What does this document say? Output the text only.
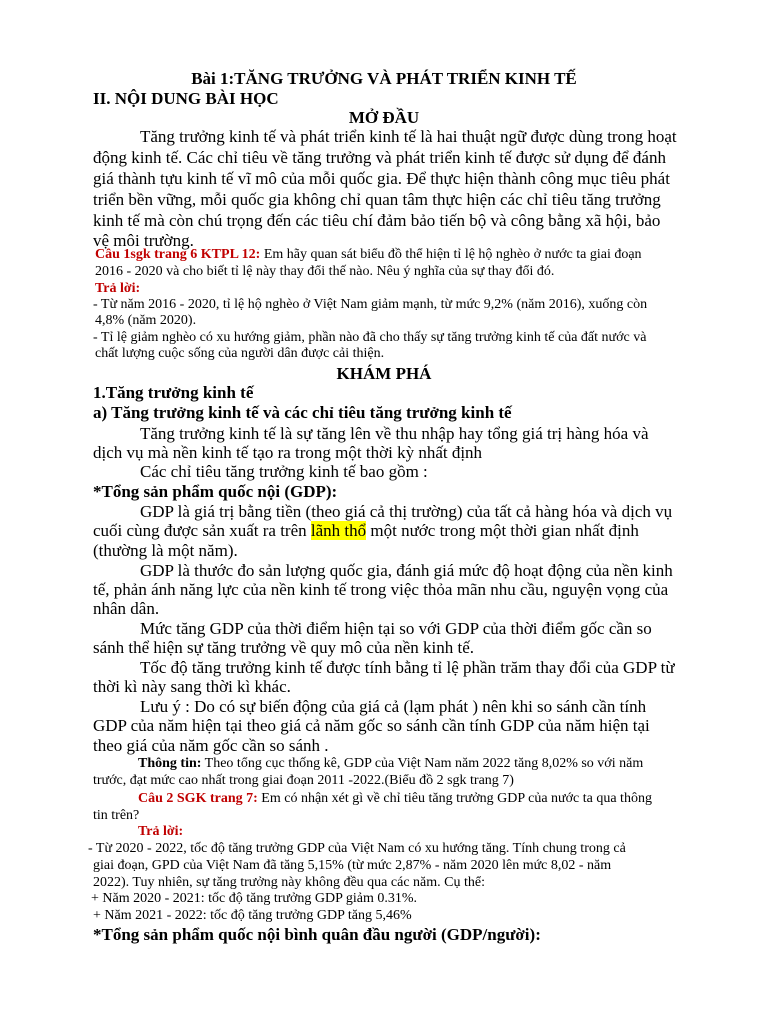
Bài 1:TĂNG TRƯỞNG VÀ PHÁT TRIỂN KINH TẾ
II. NỘI DUNG BÀI HỌC
MỞ ĐẦU
Tăng trưởng kinh tế và phát triển kinh tế là hai thuật ngữ được dùng trong hoạt
động kinh tế. Các chỉ tiêu về tăng trưởng và phát triển kinh tế được sử dụng để đánh
giá thành tựu kinh tế vĩ mô của mỗi quốc gia. Để thực hiện thành công mục tiêu phát
triển bền vững, mỗi quốc gia không chỉ quan tâm thực hiện các chỉ tiêu tăng trưởng
kinh tế mà còn chú trọng đến các tiêu chí đảm bảo tiến bộ và công bằng xã hội, bảo
vệ môi trường.
Câu 1sgk trang 6 KTPL 12: Em hãy quan sát biểu đồ thể hiện tỉ lệ hộ nghèo ở nước ta giai đoạn
2016 - 2020 và cho biết tỉ lệ này thay đổi thế nào. Nêu ý nghĩa của sự thay đổi đó.
Trả lời:
- Từ năm 2016 - 2020, tỉ lệ hộ nghèo ở Việt Nam giảm mạnh, từ mức 9,2% (năm 2016), xuống còn
4,8% (năm 2020).
- Tỉ lệ giảm nghèo có xu hướng giảm, phần nào đã cho thấy sự tăng trưởng kinh tế của đất nước và
chất lượng cuộc sống của người dân được cải thiện.
KHÁM PHÁ
1.Tăng trưởng kinh tế
a) Tăng trưởng kinh tế và các chỉ tiêu tăng trưởng kinh tế
Tăng trưởng kinh tế là sự tăng lên về thu nhập hay tổng giá trị hàng hóa và
dịch vụ mà nền kinh tế tạo ra trong một thời kỳ nhất định
Các chỉ tiêu tăng trưởng kinh tế bao gồm :
*Tổng sản phẩm quốc nội (GDP):
GDP là giá trị bằng tiền (theo giá cả thị trường) của tất cả hàng hóa và dịch vụ
cuối cùng được sản xuất ra trên lãnh thổ một nước trong một thời gian nhất định
(thường là một năm).
GDP là thước đo sản lượng quốc gia, đánh giá mức độ hoạt động của nền kinh
tế, phản ánh năng lực của nền kinh tế trong việc thỏa mãn nhu cầu, nguyện vọng của
nhân dân.
Mức tăng GDP của thời điểm hiện tại so với GDP của thời điểm gốc cần so
sánh thể hiện sự tăng trưởng về quy mô của nền kinh tế.
Tốc độ tăng trưởng kinh tế được tính bằng tỉ lệ phần trăm thay đổi của GDP từ
thời kì này sang thời kì khác.
Lưu ý : Do có sự biến động của giá cả (lạm phát ) nên khi so sánh cần tính
GDP của năm hiện tại theo giá cả năm gốc so sánh cần tính GDP của năm hiện tại
theo giá của năm gốc cần so sánh .
Thông tin: Theo tổng cục thống kê, GDP của Việt Nam năm 2022 tăng 8,02% so với năm
trước, đạt mức cao nhất trong giai đoạn 2011 -2022.(Biểu đồ 2 sgk trang 7)
Câu 2 SGK trang 7: Em có nhận xét gì về chỉ tiêu tăng trưởng GDP của nước ta qua thông
tin trên?
Trả lời:
- Từ 2020 - 2022, tốc độ tăng trưởng GDP của Việt Nam có xu hướng tăng. Tính chung trong cả
giai đoạn, GPD của Việt Nam đã tăng 5,15% (từ mức 2,87% - năm 2020 lên mức 8,02 - năm
2022). Tuy nhiên, sự tăng trưởng này không đều qua các năm. Cụ thể:
+ Năm 2020 - 2021: tốc độ tăng trưởng GDP giảm 0.31%.
+ Năm 2021 - 2022: tốc độ tăng trưởng GDP tăng 5,46%
*Tổng sản phẩm quốc nội bình quân đầu người (GDP/người):
